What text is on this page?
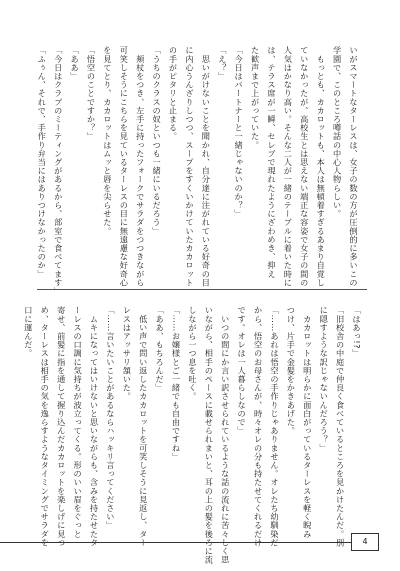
いがスマートなターレスは、女子の数の方が圧倒的に多いこの

学園で、このところ噂話の中心人物らしい。

　もっとも、カカロットも、本人は無頓着すぎるあまり自覚し

ていなかったが、高校生とは思えない端正な容姿で女子の間の

人気はかなり高い。そんな二人が一緒のテーブルに着いた時に

は、テラス席が一瞬、セレブで現れたようにざわめき、抑え

た歓声まで上がっていた。

「今日はパートナーと一緒じゃないのか？」

「え？」

　思いがけないことを聞かれ、自分達に注がれている好奇の目

に内心うんざりしつつ、スープをすくいかけていたカカロット

の手がピタリと止まる。

「うちのクラスの奴といつも一緒にいるだろう」

　頬杖をつき、左手に持ったフォークでサラダをつつきながら

可笑しそうにこちらを見ているターレスの目に無遠慮な好奇心

を見てとり、カカロットはムッと唇を尖らせた。

「悟空のことですか？」

「ああ」

「今日はクラブのミーティングがあるから、部室で食べてます」

「ふぅん、それで、手作り弁当にはありつけなかったのか」

「はあっ!?」

「旧校舎の中庭で仲良く食べているところを見かけたんだ。別

に隠すような訳じゃないんだろう？」

　カカロットは明らかに面白がっているターレスを軽く睨み

つけ、片手で金髪をかきあげた。

「……あれは悟空の手作りじゃありません。オレたち幼馴染だ

から、悟空のお母さんが、時々オレの分も持たせてくれるだけ

です。オレは一人暮らしなので」

　いつの間にか言い訳させられているような話の流れに苦々しく思

いながら、相手のペースに載せられまいと、耳の上の髪を後ろに流

しながら一つ息を吐く。

「……お嬢様とご一緒でも自由ですね」

「ああ、もちろんだ」

　低い声で問い返したカカロットを可笑しそうに見返し、ター

レスはアッサリ頷いた。

「……言いたいことがあるならハッキリ言ってください」

　ムキになってはいけないと思いながらも、含みを持たせたタ

ーレスの口調に気持ちが波立ってくる。形のいい眉をぐっと

寄せ、前髪に指を通して握り込んだカカロットを楽しげに見つ

め、ターレスは相手の気を逸らすようなタイミングでサラダを

口に運んだ。

4
